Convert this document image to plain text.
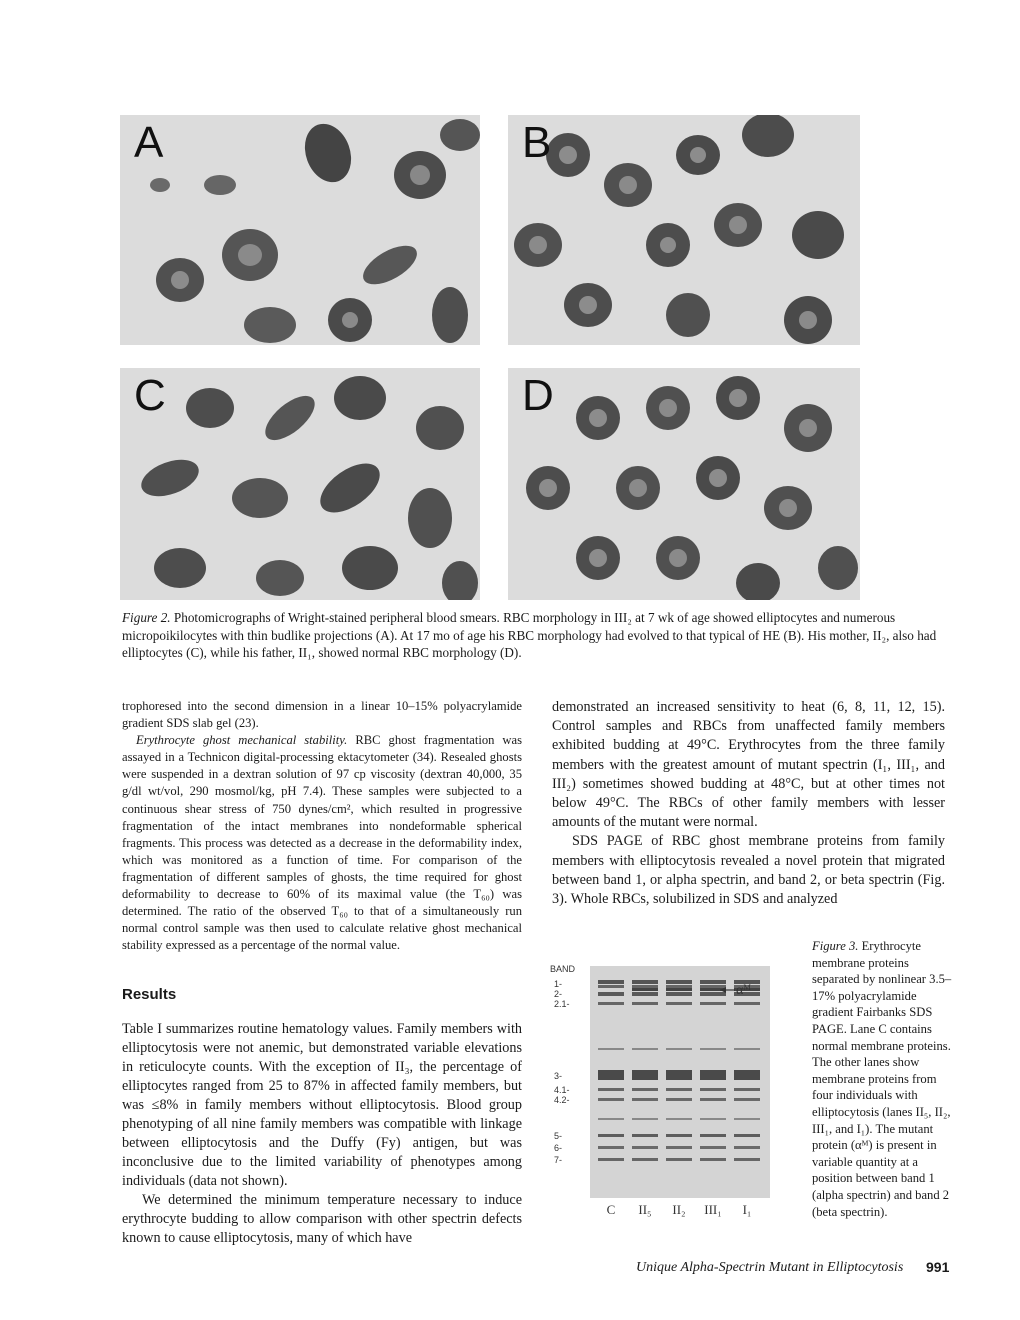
A	B
C	D
Figure 2. Photomicrographs of Wright-stained peripheral blood smears. RBC morphology in III₂ at 7 wk of age showed elliptocytes and numerous micropoikilocytes with thin budlike projections (A). At 17 mo of age his RBC morphology had evolved to that typical of HE (B). His mother, II₂, also had elliptocytes (C), while his father, II₁, showed normal RBC morphology (D).

trophoresed into the second dimension in a linear 10–15% polyacrylamide gradient SDS slab gel (23).

Erythrocyte ghost mechanical stability. RBC ghost fragmentation was assayed in a Technicon digital-processing ektacytometer (34). Resealed ghosts were suspended in a dextran solution of 97 cp viscosity (dextran 40,000, 35 g/dl wt/vol, 290 mosmol/kg, pH 7.4). These samples were subjected to a continuous shear stress of 750 dynes/cm², which resulted in progressive fragmentation of the intact membranes into nondeformable spherical fragments. This process was detected as a decrease in the deformability index, which was monitored as a function of time. For comparison of the fragmentation of different samples of ghosts, the time required for ghost deformability to decrease to 60% of its maximal value (the T₆₀) was determined. The ratio of the observed T₆₀ to that of a simultaneously run normal control sample was then used to calculate relative ghost mechanical stability expressed as a percentage of the normal value.

Results

Table I summarizes routine hematology values. Family members with elliptocytosis were not anemic, but demonstrated variable elevations in reticulocyte counts. With the exception of II₃, the percentage of elliptocytes ranged from 25 to 87% in affected family members, but was ≤8% in family members without elliptocytosis. Blood group phenotyping of all nine family members was compatible with linkage between elliptocytosis and the Duffy (Fy) antigen, but was inconclusive due to the limited variability of phenotypes among individuals (data not shown).

We determined the minimum temperature necessary to induce erythrocyte budding to allow comparison with other spectrin defects known to cause elliptocytosis, many of which have

demonstrated an increased sensitivity to heat (6, 8, 11, 12, 15). Control samples and RBCs from unaffected family members exhibited budding at 49°C. Erythrocytes from the three family members with the greatest amount of mutant spectrin (I₁, III₁, and III₂) sometimes showed budding at 48°C, but at other times not below 49°C. The RBCs of other family members with lesser amounts of the mutant were normal.

SDS PAGE of RBC ghost membrane proteins from family members with elliptocytosis revealed a novel protein that migrated between band 1, or alpha spectrin, and band 2, or beta spectrin (Fig. 3). Whole RBCs, solubilized in SDS and analyzed

BAND
1-
2-
2.1-
3-
4.1-
4.2-
5-
6-
7-
αᴹ
C II₅ II₂ III₁ I₁
Figure 3. Erythrocyte membrane proteins separated by nonlinear 3.5–17% polyacrylamide gradient Fairbanks SDS PAGE. Lane C contains normal membrane proteins. The other lanes show membrane proteins from four individuals with elliptocytosis (lanes II₅, II₂, III₁, and I₁). The mutant protein (αᴹ) is present in variable quantity at a position between band 1 (alpha spectrin) and band 2 (beta spectrin).
Unique Alpha-Spectrin Mutant in Elliptocytosis 991
